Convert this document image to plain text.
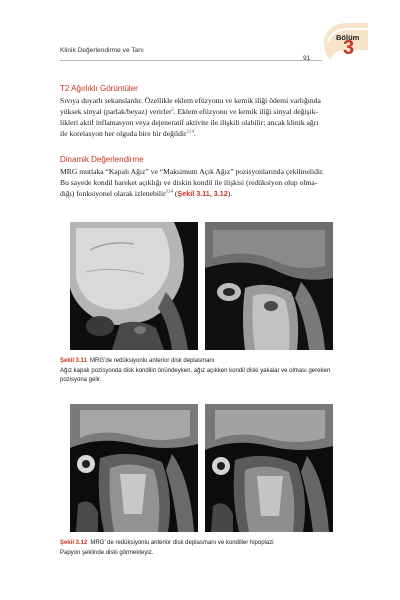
Klinik Değerlendirme ve Tanı
91
Bölüm
3
T2 Ağırlıklı Görüntüler
Sıvıya duyarlı sekanslardır. Özellikle eklem efüzyonu ve kemik iliği ödemi varlığında
yüksek sinyal (parlak/beyaz) verirler$^3$. Eklem efüzyonu ve kemik iliği sinyal değişik-
likleri aktif inflamasyon veya dejeneratif aktivite ile ilişkili olabilir; ancak klinik ağrı
ile korelasyon her olguda bire bir değildir$^{3,14}$.
Dinamik Değerlendirme
MRG mutlaka “Kapalı Ağız” ve “Maksimum Açık Ağız” pozisyonlarında çekilmelidir.
Bu sayede kondil hareket açıklığı ve diskin kondil ile ilişkisi (redüksiyon olup olma-
dığı) fonksiyonel olarak izlenebilir$^{3,14}$ (Şekil 3.11, 3.12).
Şekil 3.11 MRG’de redüksiyonlu anterior disk deplasmanı
Ağız kapalı pozisyonda disk kondilin önündeyken, ağız açıkken kondil diski yakalar ve olması gereken
pozisyona gelir.
Şekil 3.12 MRG’ de redüksiyonlu anterior disk deplasmanı ve kondiller hipoplazi
Papyon şeklinde diski görmekteyiz.
